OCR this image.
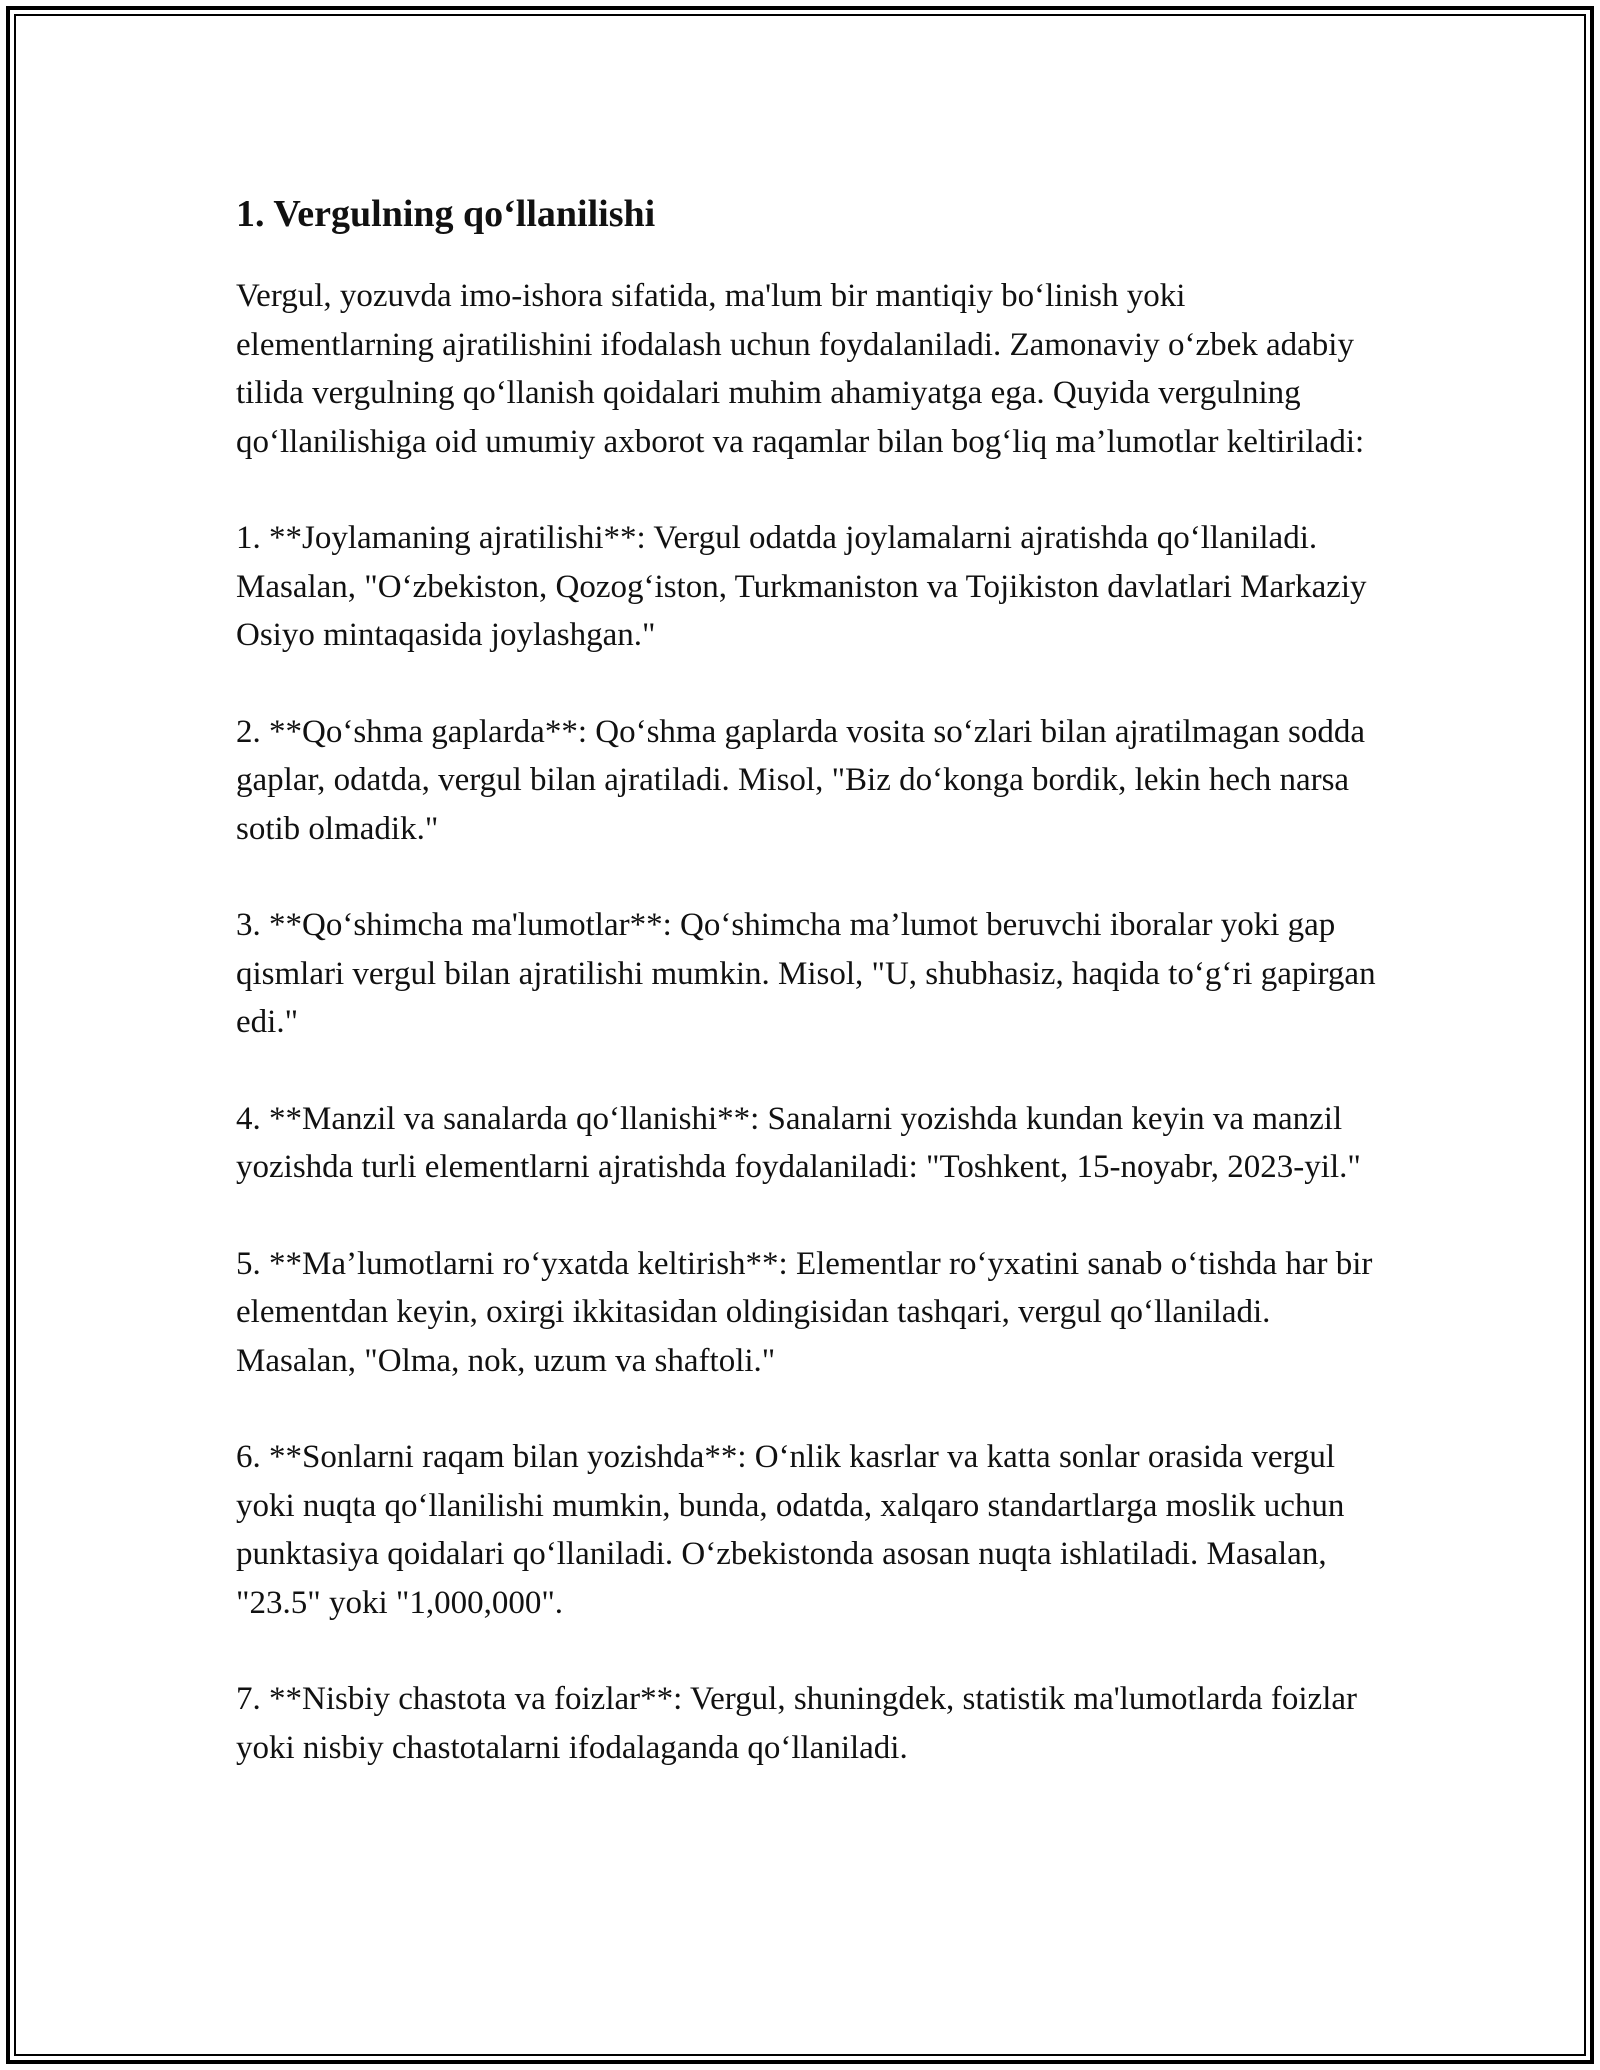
1. Vergulning qo‘llanilishi

Vergul, yozuvda imo-ishora sifatida, ma'lum bir mantiqiy bo‘linish yoki elementlarning ajratilishini ifodalash uchun foydalaniladi. Zamonaviy o‘zbek adabiy tilida vergulning qo‘llanish qoidalari muhim ahamiyatga ega. Quyida vergulning qo‘llanilishiga oid umumiy axborot va raqamlar bilan bog‘liq ma’lumotlar keltiriladi:

1. **Joylamaning ajratilishi**: Vergul odatda joylamalarni ajratishda qo‘llaniladi. Masalan, "O‘zbekiston, Qozog‘iston, Turkmaniston va Tojikiston davlatlari Markaziy Osiyo mintaqasida joylashgan."

2. **Qo‘shma gaplarda**: Qo‘shma gaplarda vosita so‘zlari bilan ajratilmagan sodda gaplar, odatda, vergul bilan ajratiladi. Misol, "Biz do‘konga bordik, lekin hech narsa sotib olmadik."

3. **Qo‘shimcha ma'lumotlar**: Qo‘shimcha ma’lumot beruvchi iboralar yoki gap qismlari vergul bilan ajratilishi mumkin. Misol, "U, shubhasiz, haqida to‘g‘ri gapirgan edi."

4. **Manzil va sanalarda qo‘llanishi**: Sanalarni yozishda kundan keyin va manzil yozishda turli elementlarni ajratishda foydalaniladi: "Toshkent, 15-noyabr, 2023-yil."

5. **Ma’lumotlarni ro‘yxatda keltirish**: Elementlar ro‘yxatini sanab o‘tishda har bir elementdan keyin, oxirgi ikkitasidan oldingisidan tashqari, vergul qo‘llaniladi. Masalan, "Olma, nok, uzum va shaftoli."

6. **Sonlarni raqam bilan yozishda**: O‘nlik kasrlar va katta sonlar orasida vergul yoki nuqta qo‘llanilishi mumkin, bunda, odatda, xalqaro standartlarga moslik uchun punktasiya qoidalari qo‘llaniladi. O‘zbekistonda asosan nuqta ishlatiladi. Masalan, "23.5" yoki "1,000,000".

7. **Nisbiy chastota va foizlar**: Vergul, shuningdek, statistik ma'lumotlarda foizlar yoki nisbiy chastotalarni ifodalaganda qo‘llaniladi.
